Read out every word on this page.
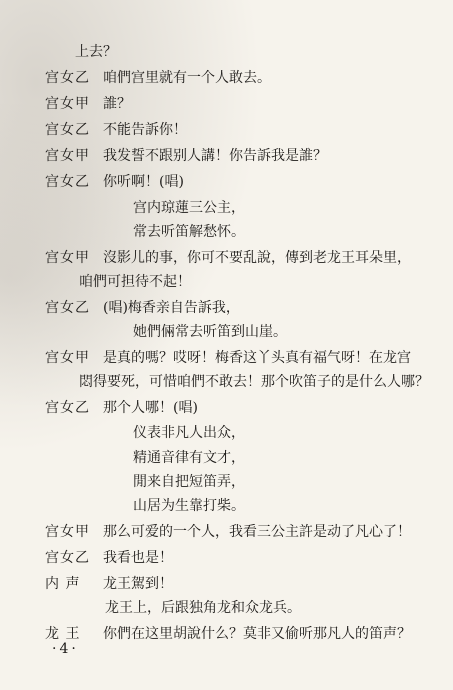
上去？
宫女乙 咱們宫里就有一个人敢去。
宫女甲 誰？
宫女乙 不能告訴你！
宫女甲 我发誓不跟别人講！你告訴我是誰？
宫女乙 你听啊！(唱)
宫内琼蓮三公主，
常去听笛解愁怀。
宫女甲 沒影儿的事，你可不要乱說，傳到老龙王耳朵里，
咱們可担待不起！
宫女乙 (唱)梅香亲自告訴我，
她們倆常去听笛到山崖。
宫女甲 是真的嗎？哎呀！梅香这丫头真有福气呀！在龙宫
悶得要死，可惜咱們不敢去！那个吹笛子的是什么人哪？
宫女乙 那个人哪！(唱)
仪表非凡人出众，
精通音律有文才，
閒来自把短笛弄，
山居为生靠打柴。
宫女甲 那么可爱的一个人，我看三公主許是动了凡心了！
宫女乙 我看也是！
内 声	龙王駕到！
龙王上，后跟独角龙和众龙兵。
龙 王	你們在这里胡說什么？莫非又偷听那凡人的笛声？
·4·
